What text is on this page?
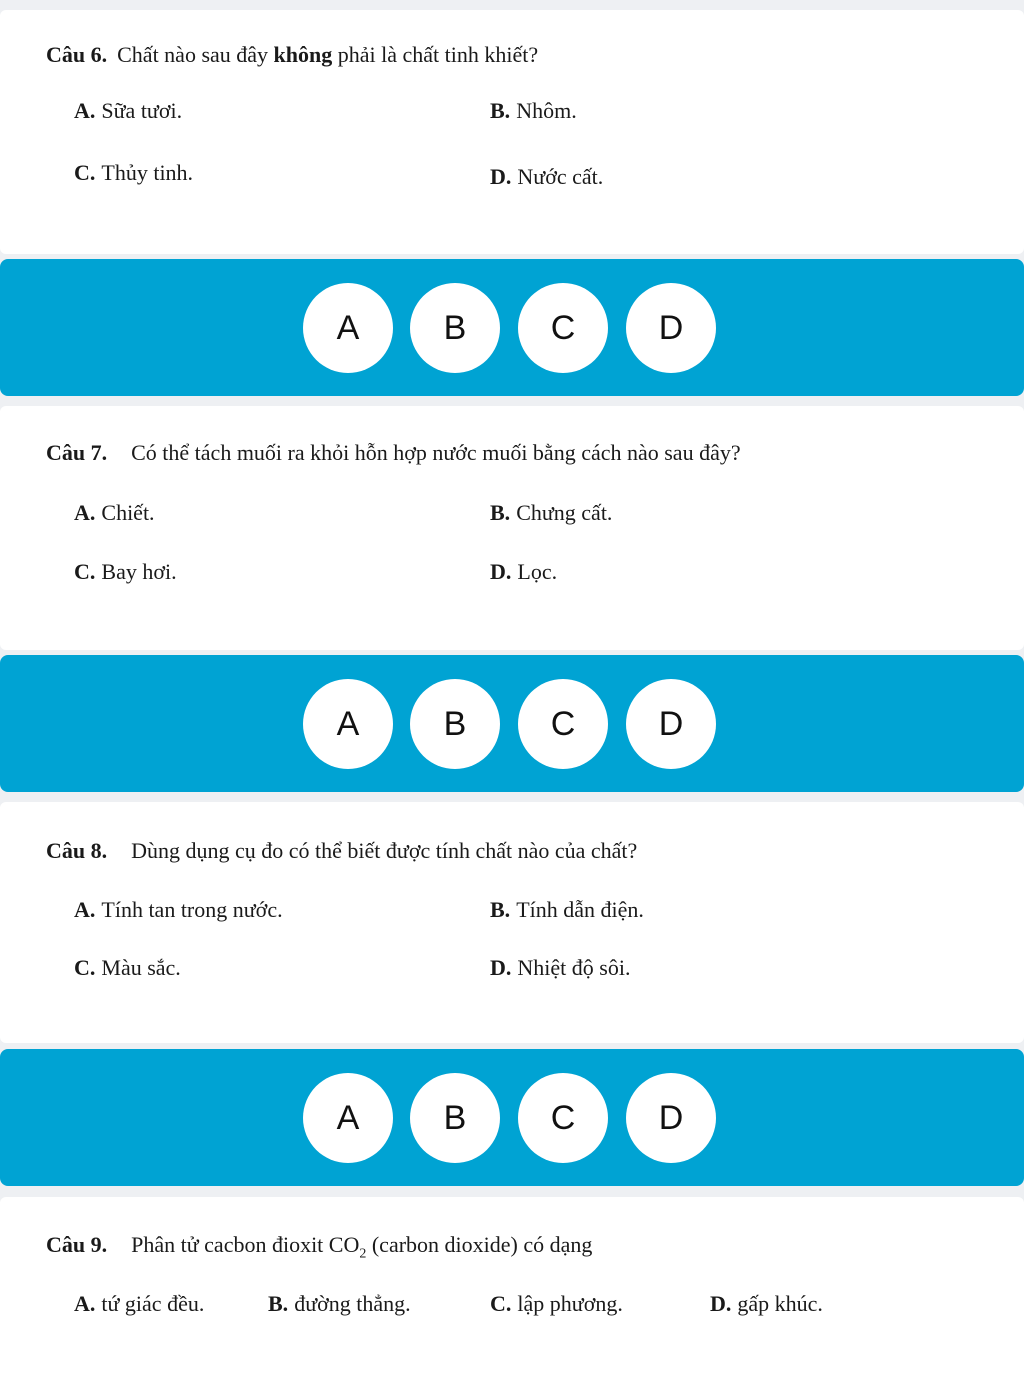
Câu 6. Chất nào sau đây không phải là chất tinh khiết?
A. Sữa tươi.	B. Nhôm.
C. Thủy tinh.	D. Nước cất.
A	B	C	D
Câu 7. Có thể tách muối ra khỏi hỗn hợp nước muối bằng cách nào sau đây?
A. Chiết.	B. Chưng cất.
C. Bay hơi.	D. Lọc.
A	B	C	D
Câu 8. Dùng dụng cụ đo có thể biết được tính chất nào của chất?
A. Tính tan trong nước.	B. Tính dẫn điện.
C. Màu sắc.	D. Nhiệt độ sôi.
A	B	C	D
Câu 9. Phân tử cacbon đioxit $CO_2$ (carbon dioxide) có dạng
A. tứ giác đều.	B. đường thẳng.	C. lập phương.	D. gấp khúc.
